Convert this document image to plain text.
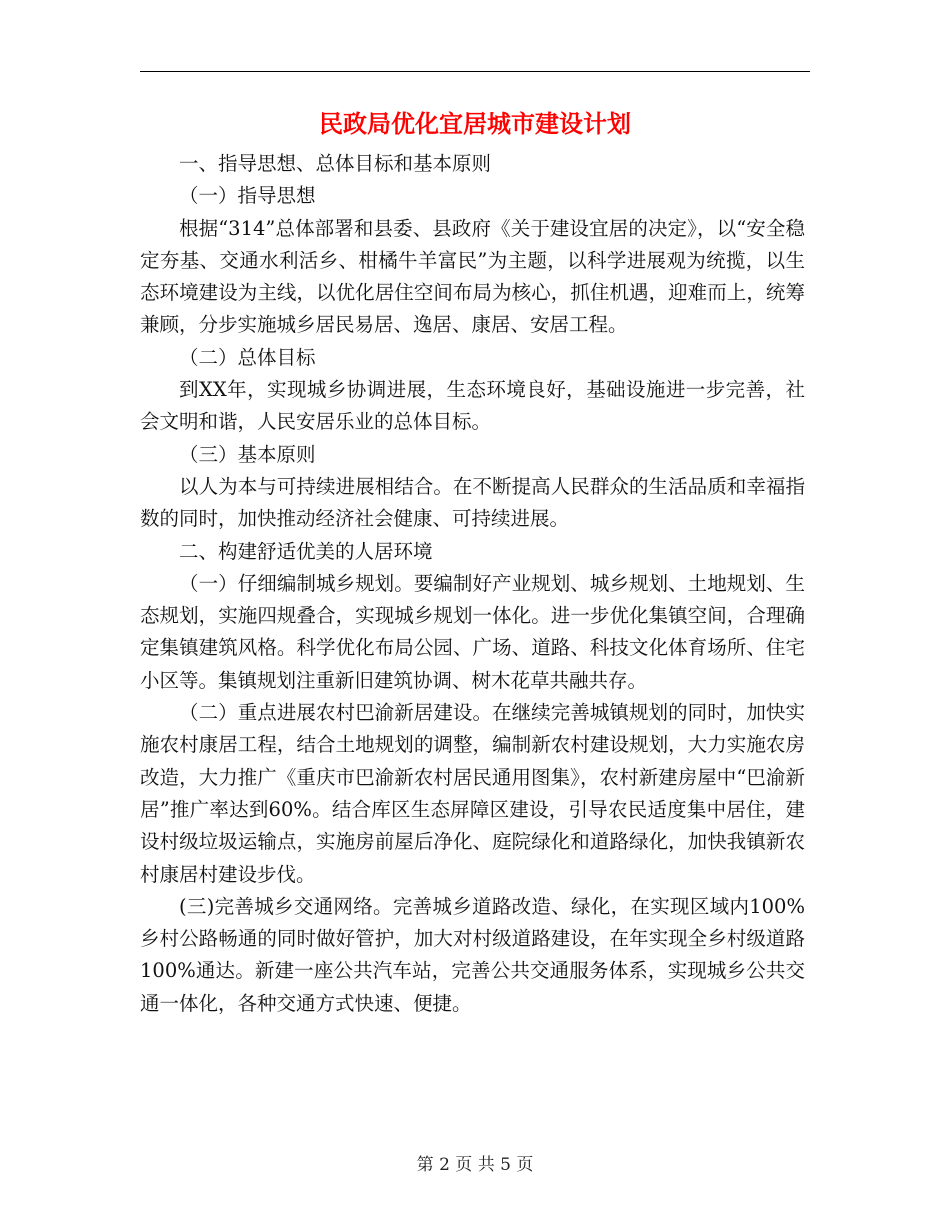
民政局优化宜居城市建设计划

一、指导思想、总体目标和基本原则

（一）指导思想

根据“314”总体部署和县委、县政府《关于建设宜居的决定》，以“安全稳定夯基、交通水利活乡、柑橘牛羊富民”为主题，以科学进展观为统揽，以生态环境建设为主线，以优化居住空间布局为核心，抓住机遇，迎难而上，统筹兼顾，分步实施城乡居民易居、逸居、康居、安居工程。

（二）总体目标

到XX年，实现城乡协调进展，生态环境良好，基础设施进一步完善，社会文明和谐，人民安居乐业的总体目标。

（三）基本原则

以人为本与可持续进展相结合。在不断提高人民群众的生活品质和幸福指数的同时，加快推动经济社会健康、可持续进展。

二、构建舒适优美的人居环境

（一）仔细编制城乡规划。要编制好产业规划、城乡规划、土地规划、生态规划，实施四规叠合，实现城乡规划一体化。进一步优化集镇空间，合理确定集镇建筑风格。科学优化布局公园、广场、道路、科技文化体育场所、住宅小区等。集镇规划注重新旧建筑协调、树木花草共融共存。

（二）重点进展农村巴渝新居建设。在继续完善城镇规划的同时，加快实施农村康居工程，结合土地规划的调整，编制新农村建设规划，大力实施农房改造，大力推广《重庆市巴渝新农村居民通用图集》，农村新建房屋中“巴渝新居”推广率达到60%。结合库区生态屏障区建设，引导农民适度集中居住，建设村级垃圾运输点，实施房前屋后净化、庭院绿化和道路绿化，加快我镇新农村康居村建设步伐。

(三)完善城乡交通网络。完善城乡道路改造、绿化，在实现区域内100%乡村公路畅通的同时做好管护，加大对村级道路建设，在年实现全乡村级道路100%通达。新建一座公共汽车站，完善公共交通服务体系，实现城乡公共交通一体化，各种交通方式快速、便捷。

第 2 页 共 5 页
